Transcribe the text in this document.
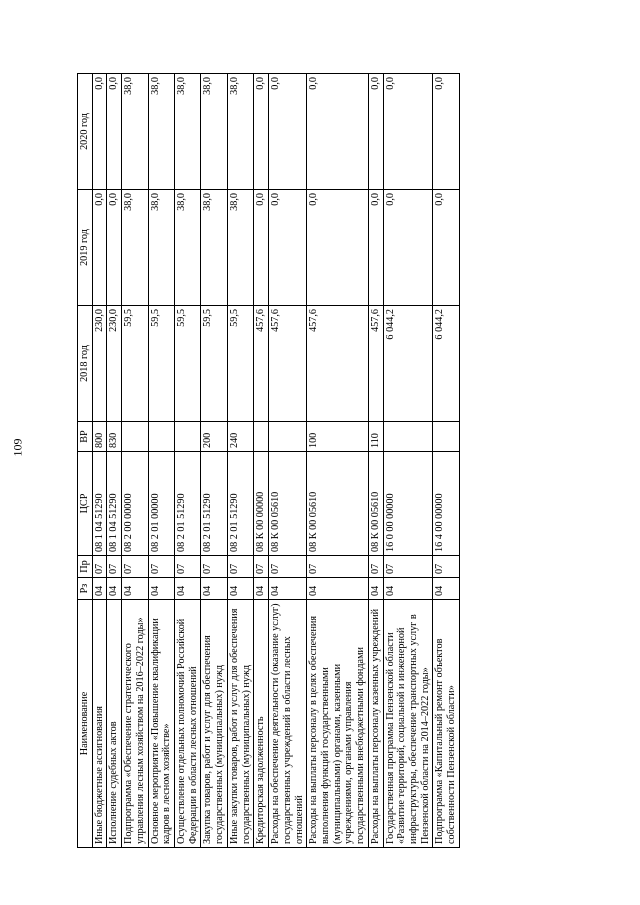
109
Наименование	Рз	Пр	ЦСР	ВР	2018 год	2019 год	2020 год
Иные бюджетные ассигнования	04	07	08 1 04 51290	800	230,0	0,0	0,0
Исполнение судебных актов	04	07	08 1 04 51290	830	230,0	0,0	0,0
Подпрограмма «Обеспечение стратегического управления лесным хозяйством на 2016–2022 годы»	04	07	08 2 00 00000		59,5	38,0	38,0
Основное мероприятие «Повышение квалификации кадров в лесном хозяйстве»	04	07	08 2 01 00000		59,5	38,0	38,0
Осуществление отдельных полномочий Российской Федерации в области лесных отношений	04	07	08 2 01 51290		59,5	38,0	38,0
Закупка товаров, работ и услуг для обеспечения государственных (муниципальных) нужд	04	07	08 2 01 51290	200	59,5	38,0	38,0
Иные закупки товаров, работ и услуг для обеспечения государственных (муниципальных) нужд	04	07	08 2 01 51290	240	59,5	38,0	38,0
Кредиторская задолженность	04	07	08 К 00 00000		457,6	0,0	0,0
Расходы на обеспечение деятельности (оказание услуг) государственных учреждений в области лесных отношений	04	07	08 К 00 05610		457,6	0,0	0,0
Расходы на выплаты персоналу в целях обеспечения выполнения функций государственными (муниципальными) органами, казенными учреждениями, органами управления государственными внебюджетными фондами	04	07	08 К 00 05610	100	457,6	0,0	0,0
Расходы на выплаты персоналу казенных учреждений	04	07	08 К 00 05610	110	457,6	0,0	0,0
Государственная программа Пензенской области «Развитие территорий, социальной и инженерной инфраструктуры, обеспечение транспортных услуг в Пензенской области на 2014–2022 годы»	04	07	16 0 00 00000		6 044,2	0,0	0,0
Подпрограмма «Капитальный ремонт объектов собственности Пензенской области»	04	07	16 4 00 00000		6 044,2	0,0	0,0
